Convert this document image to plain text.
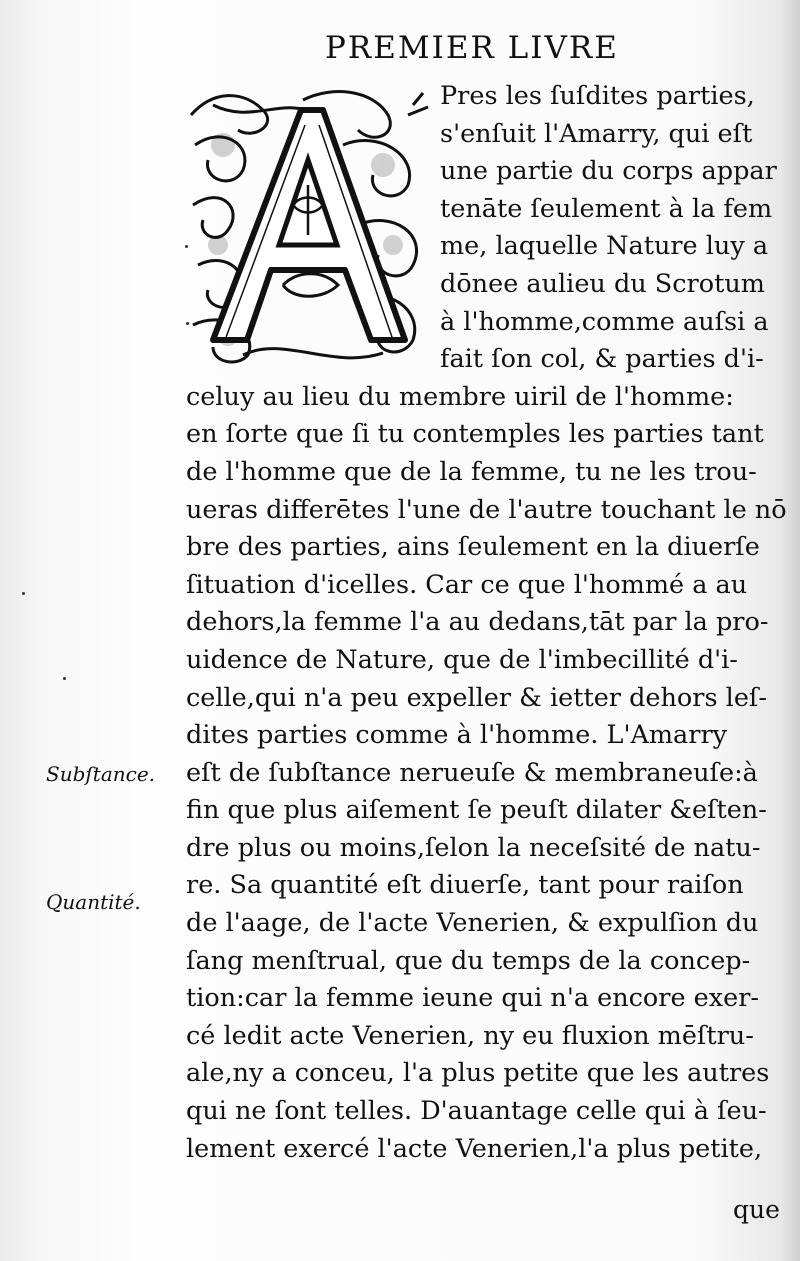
PREMIER LIVRE
Pres les ſuſdites parties,
s'enſuit l'Amarry, qui eſt
une partie du corps appar
tenāte ſeulement à la fem
me, laquelle Nature luy a
dōnee aulieu du Scrotum
à l'homme,comme auſsi a
fait ſon col, & parties d'i-
celuy au lieu du membre uiril de l'homme:
en ſorte que ſi tu contemples les parties tant
de l'homme que de la femme, tu ne les trou-
ueras differētes l'une de l'autre touchant le nō
bre des parties, ains ſeulement en la diuerſe
ſituation d'icelles. Car ce que l'hommé a au
dehors,la femme l'a au dedans,tāt par la pro-
uidence de Nature, que de l'imbecillité d'i-
celle,qui n'a peu expeller & ietter dehors leſ-
dites parties comme à l'homme. L'Amarry
eſt de ſubſtance nerueuſe & membraneuſe:à
fin que plus aiſement ſe peuſt dilater &eſten-
dre plus ou moins,ſelon la neceſsité de natu-
re. Sa quantité eſt diuerſe, tant pour raiſon
de l'aage, de l'acte Venerien, & expulſion du
ſang menſtrual, que du temps de la concep-
tion:car la femme ieune qui n'a encore exer-
cé ledit acte Venerien, ny eu fluxion mēſtru-
ale,ny a conceu, l'a plus petite que les autres
qui ne ſont telles. D'auantage celle qui à ſeu-
lement exercé l'acte Venerien,l'a plus petite,
Subſtance.
Quantité.
que
